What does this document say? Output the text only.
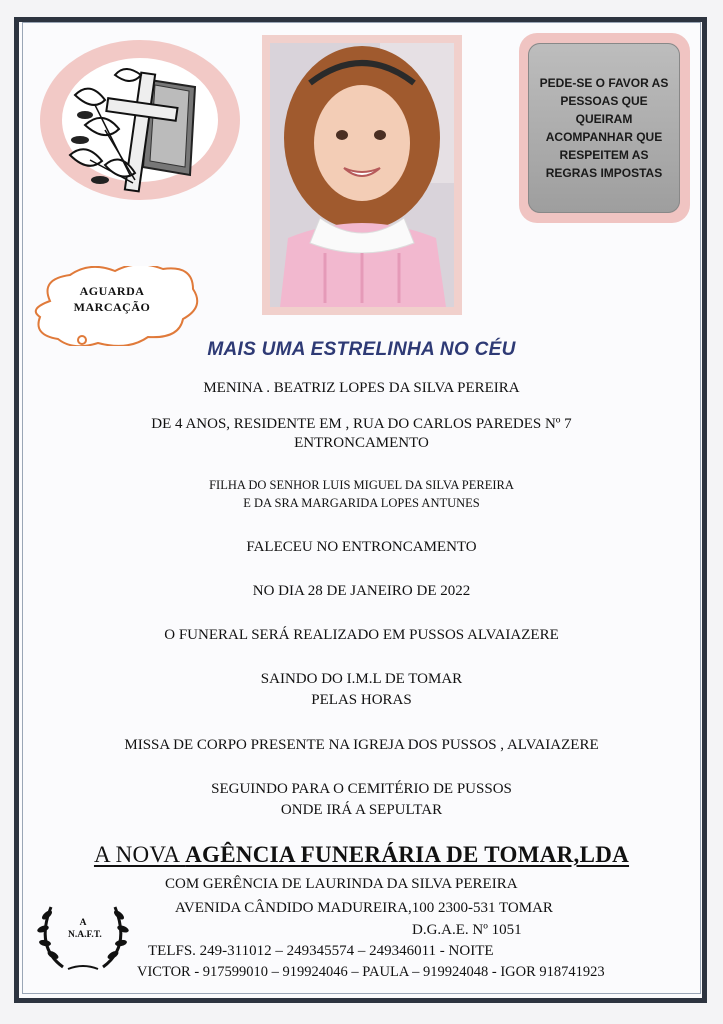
PEDE-SE O FAVOR AS PESSOAS QUE QUEIRAM ACOMPANHAR QUE RESPEITEM AS REGRAS IMPOSTAS
AGUARDA
MARCAÇÃO
MAIS UMA ESTRELINHA NO CÉU
MENINA . BEATRIZ LOPES DA SILVA PEREIRA
DE 4 ANOS, RESIDENTE EM , RUA DO CARLOS PAREDES Nº 7
ENTRONCAMENTO
FILHA DO SENHOR LUIS MIGUEL DA SILVA PEREIRA
E DA SRA MARGARIDA LOPES ANTUNES
FALECEU NO ENTRONCAMENTO
NO DIA 28 DE JANEIRO DE 2022
O FUNERAL SERÁ REALIZADO EM PUSSOS ALVAIAZERE
SAINDO DO I.M.L DE TOMAR
PELAS HORAS
MISSA DE CORPO PRESENTE NA IGREJA DOS PUSSOS , ALVAIAZERE
SEGUINDO PARA O CEMITÉRIO DE PUSSOS
ONDE IRÁ A SEPULTAR
A NOVA AGÊNCIA FUNERÁRIA DE TOMAR,LDA
COM GERÊNCIA DE LAURINDA DA SILVA PEREIRA
AVENIDA CÂNDIDO MADUREIRA,100 2300-531 TOMAR
D.G.A.E. Nº 1051
TELFS. 249-311012 – 249345574 – 249346011 - NOITE
VICTOR - 917599010 – 919924046 – PAULA – 919924048 - IGOR 918741923
A
N.A.F.T.
